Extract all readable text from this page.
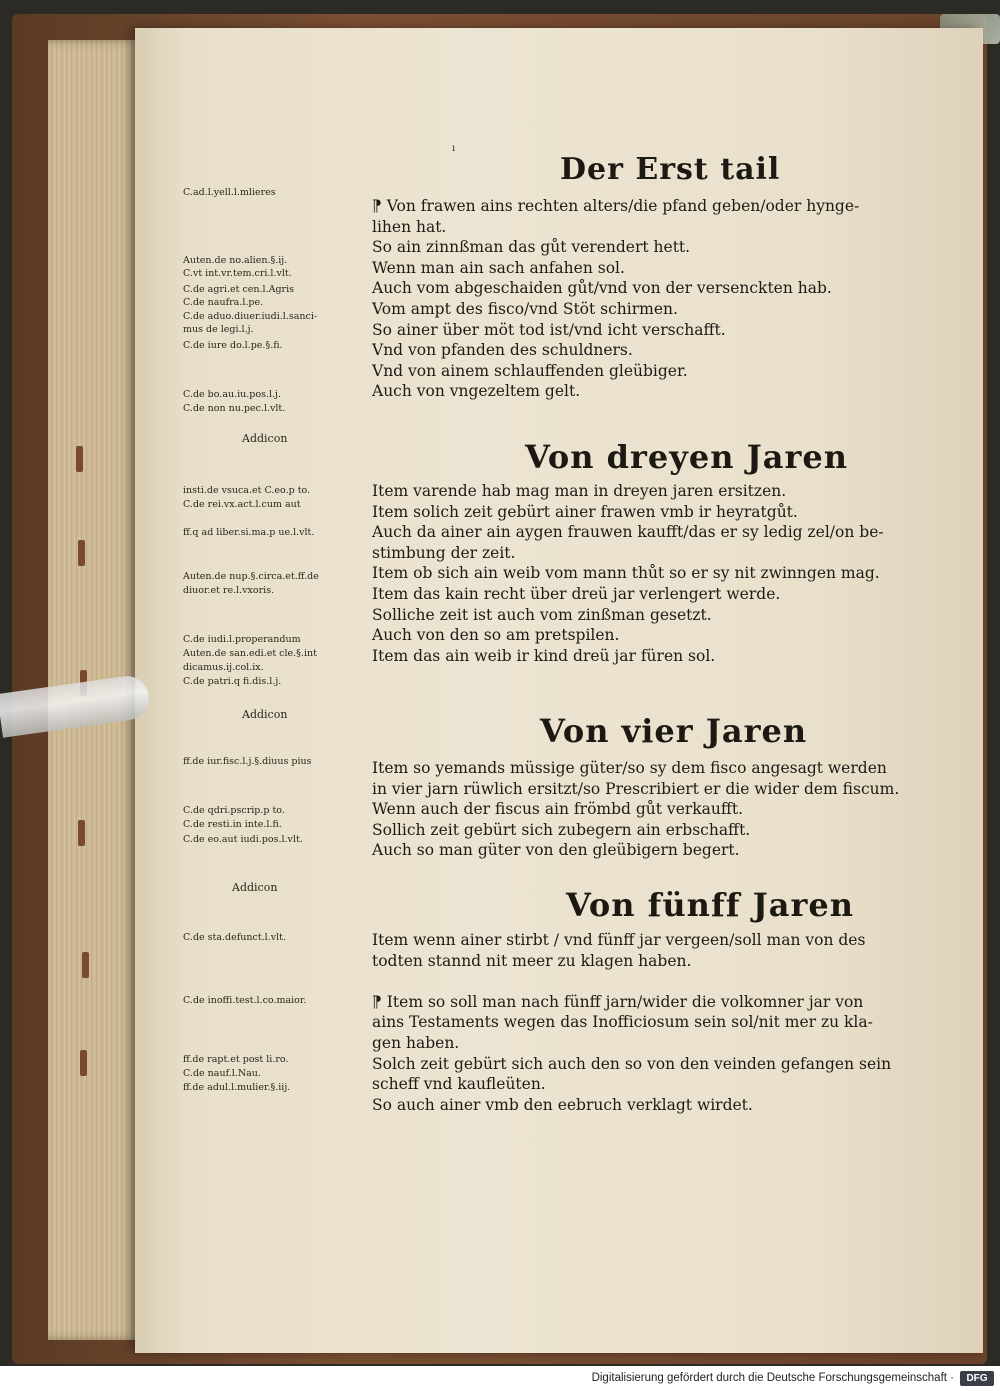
ı
Der Erst tail
⁋ Von frawen ains rechten alters/die pfand geben/oder hynge-
lihen hat.
So ain zinnßman das gůt verendert hett.
Wenn man ain sach anfahen sol.
Auch vom abgeschaiden gůt/vnd von der versenckten hab.
Vom ampt des fisco/vnd Stöt schirmen.
So ainer über möt tod ist/vnd icht verschafft.
Vnd von pfanden des schuldners.
Vnd von ainem schlauffenden gleübiger.
Auch von vngezeltem gelt.
Von dreyen Jaren
Item varende hab mag man in dreyen jaren ersitzen.
Item solich zeit gebürt ainer frawen vmb ir heyratgůt.
Auch da ainer ain aygen frauwen kaufft/das er sy ledig zel/on be-
stimbung der zeit.
Item ob sich ain weib vom mann thůt so er sy nit zwinngen mag.
Item das kain recht über dreü jar verlengert werde.
Solliche zeit ist auch vom zinßman gesetzt.
Auch von den so am pretspilen.
Item das ain weib ir kind dreü jar füren sol.
Von vier Jaren
Item so yemands müssige güter/so sy dem fisco angesagt werden
in vier jarn rüwlich ersitzt/so Prescribiert er die wider dem fiscum.
Wenn auch der fiscus ain frömbd gůt verkaufft.
Sollich zeit gebürt sich zubegern ain erbschafft.
Auch so man güter von den gleübigern begert.
Von fünff Jaren
Item wenn ainer stirbt / vnd fünff jar vergeen/soll man von des
todten stannd nit meer zu klagen haben.
⁋ Item so soll man nach fünff jarn/wider die volkomner jar von
ains Testaments wegen das Inofficiosum sein sol/nit mer zu kla-
gen haben.
Solch zeit gebürt sich auch den so von den veinden gefangen sein
scheff vnd kaufleüten.
So auch ainer vmb den eebruch verklagt wirdet.
C.ad.l.yell.l.mlieres
Auten.de no.alien.§.ij.
C.vt int.vr.tem.cri.l.vlt.
C.de agri.et cen.l.Agris
C.de naufra.l.pe.
C.de aduo.diuer.iudi.l.sanci-
mus de legi.l.j.
C.de iure do.l.pe.§.fi.
C.de bo.au.iu.pos.l.j.
C.de non nu.pec.l.vlt.
Addicon
insti.de vsuca.et C.eo.p to.
C.de rei.vx.act.l.cum aut
ff.q ad liber.si.ma.p ue.l.vlt.
Auten.de nup.§.circa.et.ff.de
diuor.et re.l.vxoris.
C.de iudi.l.properandum
Auten.de san.edi.et cle.§.int
dicamus.ij.col.ix.
C.de patri.q fi.dis.l.j.
Addicon
ff.de iur.fisc.l.j.§.diuus pius
C.de qdri.pscrip.p to.
C.de resti.in inte.l.fi.
C.de eo.aut iudi.pos.l.vlt.
Addicon
C.de sta.defunct.l.vlt.
C.de inoffi.test.l.co.maior.
ff.de rapt.et post li.ro.
C.de nauf.l.Nau.
ff.de adul.l.mulier.§.iij.
Digitalisierung gefördert durch die Deutsche Forschungsgemeinschaft ·	DFG
